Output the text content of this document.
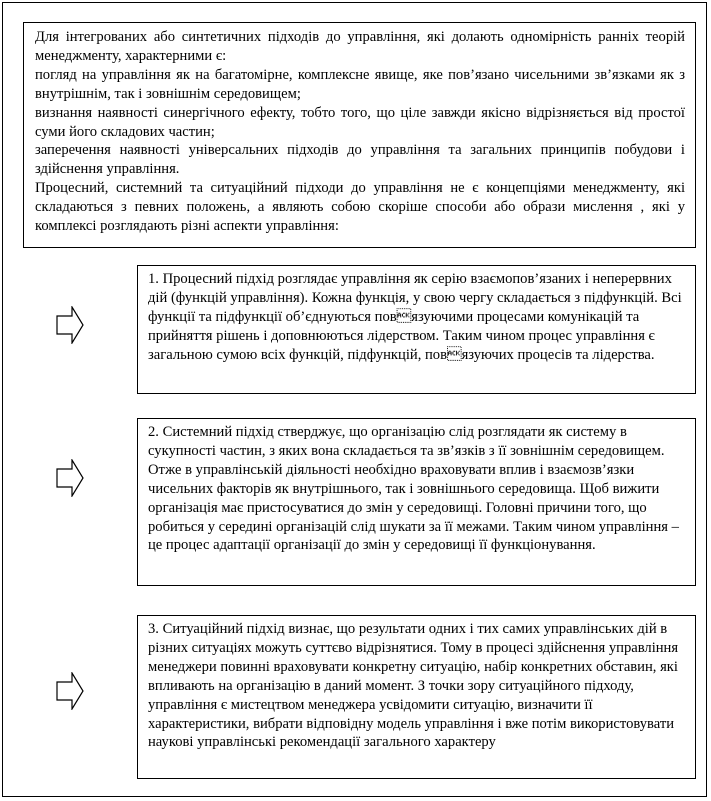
Для інтегрованих або синтетичних підходів до управління, які долають одномірність ранніх теорій менеджменту, характерними є:

погляд на управління як на багатомірне, комплексне явище, яке пов’язано чисельними зв’язками як з внутрішнім, так і зовнішнім середовищем;

визнання наявності синергічного ефекту, тобто того, що ціле завжди якісно відрізняється від простої суми його складових частин;

заперечення наявності універсальних підходів до управління та загальних принципів побудови і здійснення управління.

Процесний, системний та ситуаційний підходи до управління не є концепціями менеджменту, які складаються з певних положень, а являють собою скоріше способи або образи мислення , які у комплексі розглядають різні аспекти управління:

1. Процесний підхід розглядає управління як серію взаємопов’язаних і неперервних дій (функцій управління). Кожна функція, у свою чергу складається з підфункцій. Всі функції та підфункції об’єднуються повязуючими процесами комунікацій та прийняття рішень і доповнюються лідерством. Таким чином процес управління є загальною сумою всіх функцій, підфункцій, повязуючих процесів та лідерства.

2. Системний підхід стверджує, що організацію слід розглядати як систему в сукупності частин, з яких вона складається та зв’язків з її зовнішнім середовищем. Отже в управлінській діяльності необхідно враховувати вплив і взаємозв’язки чисельних факторів як внутрішнього, так і зовнішнього середовища. Щоб вижити організація має пристосуватися до змін у середовищі. Головні причини того, що робиться у середині організацій слід шукати за її межами. Таким чином управління – це процес адаптації організації до змін у середовищі її функціонування.

3. Ситуаційний підхід визнає, що результати одних і тих самих управлінських дій в різних ситуаціях можуть суттєво відрізнятися. Тому в процесі здійснення управління менеджери повинні враховувати конкретну ситуацію, набір конкретних обставин, які впливають на організацію в даний момент. З точки зору ситуаційного підходу, управління є мистецтвом менеджера усвідомити ситуацію, визначити її характеристики, вибрати відповідну модель управління і вже потім використовувати наукові управлінські рекомендації загального характеру
